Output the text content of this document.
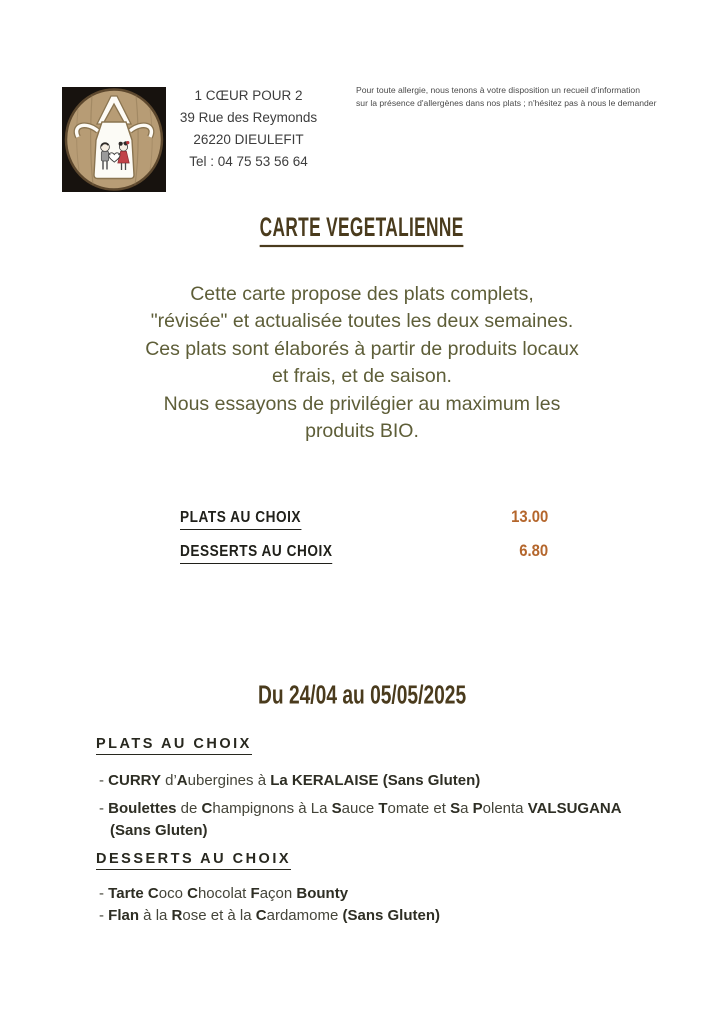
1 CŒUR POUR 2
39 Rue des Reymonds
26220 DIEULEFIT
Tel : 04 75 53 56 64
Pour toute allergie, nous tenons à votre disposition un recueil d'information
sur la présence d'allergènes dans nos plats ; n'hésitez pas à nous le demander
CARTE VEGETALIENNE
Cette carte propose des plats complets,
"révisée" et actualisée toutes les deux semaines.
Ces plats sont élaborés à partir de produits locaux
et frais, et de saison.
Nous essayons de privilégier au maximum les
produits BIO.
PLATS AU CHOIX	13.00
DESSERTS AU CHOIX	6.80
Du 24/04 au 05/05/2025
PLATS AU CHOIX
- CURRY d’Aubergines à La KERALAISE (Sans Gluten)
- Boulettes de Champignons à La Sauce Tomate et Sa Polenta VALSUGANA (Sans Gluten)
DESSERTS AU CHOIX
- Tarte Coco Chocolat Façon Bounty
- Flan à la Rose et à la Cardamome (Sans Gluten)
